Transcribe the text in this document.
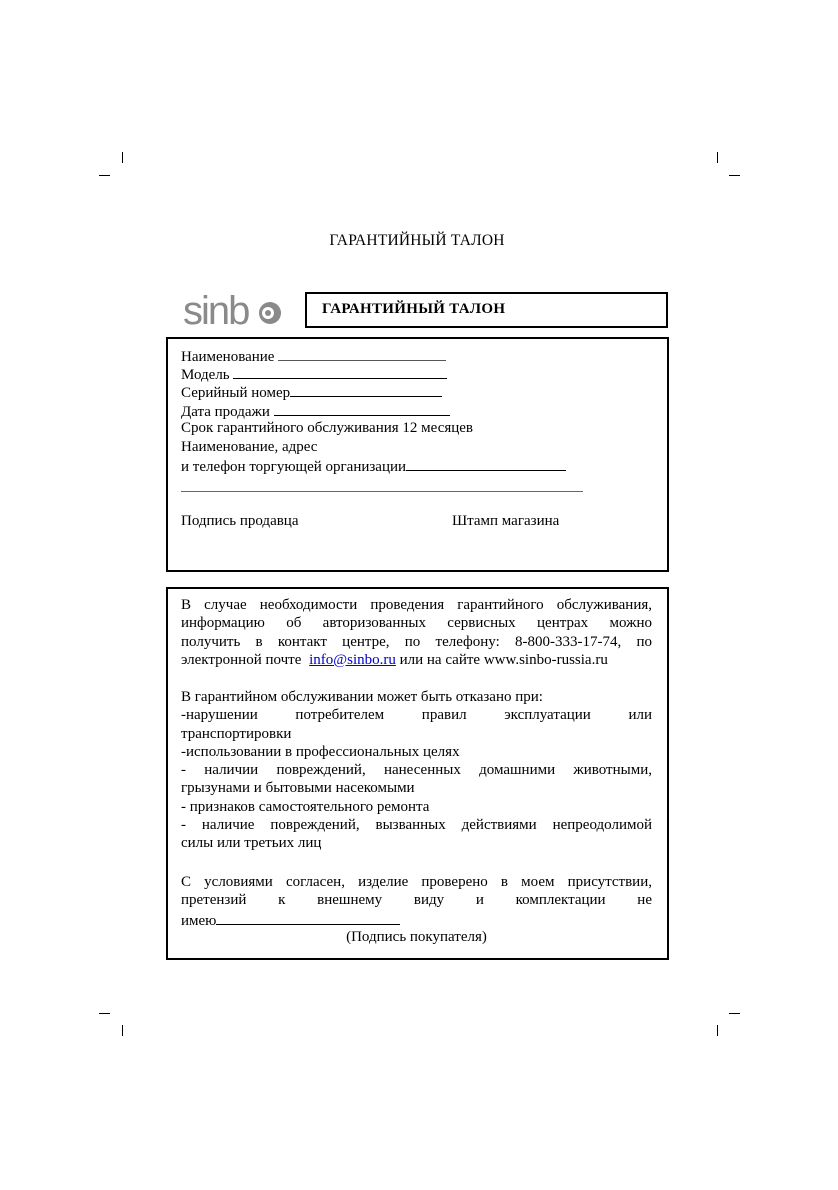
ГАРАНТИЙНЫЙ ТАЛОН
sinb	ГАРАНТИЙНЫЙ ТАЛОН
Наименование
Модель
Серийный номер
Дата продажи
Срок гарантийного обслуживания 12 месяцев
Наименование, адрес
и телефон торгующей организации
Подпись продавца	Штамп магазина
В случае необходимости проведения гарантийного обслуживания,
информацию об авторизованных сервисных центрах можно
получить в контакт центре, по телефону: 8-800-333-17-74, по
электронной почте info@sinbo.ru или на сайте www.sinbo-russia.ru
В гарантийном обслуживании может быть отказано при:
-нарушении потребителем правил эксплуатации или
транспортировки
-использовании в профессиональных целях
- наличии повреждений, нанесенных домашними животными,
грызунами и бытовыми насекомыми
- признаков самостоятельного ремонта
- наличие повреждений, вызванных действиями непреодолимой
силы или третьих лиц
С условиями согласен, изделие проверено в моем присутствии,
претензий к внешнему виду и комплектации не
имею
(Подпись покупателя)
